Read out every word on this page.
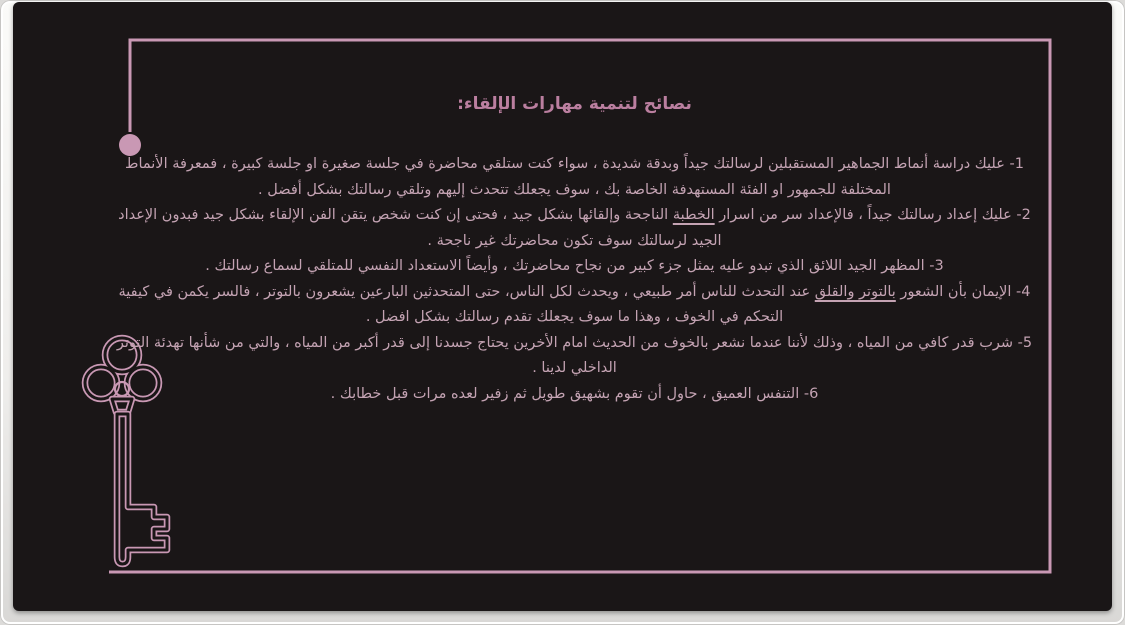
نصائح لتنمية مهارات الإلقاء:
1- عليك دراسة أنماط الجماهير المستقبلين لرسالتك جيداً وبدقة شديدة ، سواء كنت ستلقي محاضرة في جلسة صغيرة او جلسة كبيرة ، فمعرفة الأنماط المختلفة للجمهور او الفئة المستهدفة الخاصة بك ، سوف يجعلك تتحدث إليهم وتلقي رسالتك بشكل أفضل .
2- عليك إعداد رسالتك جيداً ، فالإعداد سر من اسرار الخطبة الناجحة وإلقائها بشكل جيد ، فحتى إن كنت شخص يتقن الفن الإلقاء بشكل جيد فبدون الإعداد الجيد لرسالتك سوف تكون محاضرتك غير ناجحة .
3- المظهر الجيد اللائق الذي تبدو عليه يمثل جزء كبير من نجاح محاضرتك ، وأيضاً الاستعداد النفسي للمتلقي لسماع رسالتك .
4- الإيمان بأن الشعور بالتوتر والقلق عند التحدث للناس أمر طبيعي ، ويحدث لكل الناس، حتى المتحدثين البارعين يشعرون بالتوتر ، فالسر يكمن في كيفية التحكم في الخوف ، وهذا ما سوف يجعلك تقدم رسالتك بشكل افضل .
5- شرب قدر كافي من المياه ، وذلك لأننا عندما نشعر بالخوف من الحديث امام الأخرين يحتاج جسدنا إلى قدر أكبر من المياه ، والتي من شأنها تهدئة التوتر الداخلي لدينا .
6- التنفس العميق ، حاول أن تقوم بشهيق طويل ثم زفير لعده مرات قبل خطابك .
